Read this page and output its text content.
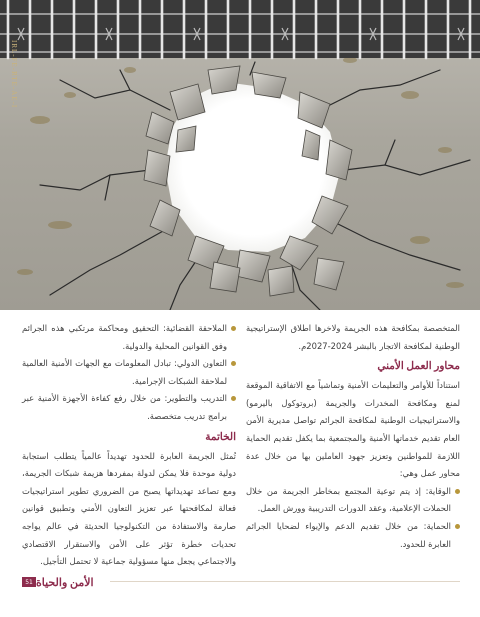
IRL-FE-RTE-AE-I

المتخصصة بمكافحة هذه الجريمة ولاخرها اطلاق الإستراتيجية الوطنية لمكافحة الاتجار بالبشر 2024-2027م.

محاور العمل الأمني

استناداً للأوامر والتعليمات الأمنية وتماشياً مع الاتفاقية الموقعة لمنع ومكافحة المخدرات والجريمة (بروتوكول باليرمو) والاستراتيجيات الوطنية لمكافحة الجرائم تواصل مديرية الأمن العام تقديم خدماتها الأمنية والمجتمعية بما يكفل تقديم الحماية اللازمة للمواطنين وتعزيز جهود العاملين بها من خلال عدة محاور عمل وهي:

الوقاية: إذ يتم توعية المجتمع بمخاطر الجريمة من خلال الحملات الإعلامية، وعقد الدورات التدريبية وورش العمل.
الحماية: من خلال تقديم الدعم والإيواء لضحايا الجرائم العابرة للحدود.
الملاحقة القضائية: التحقيق ومحاكمة مرتكبي هذه الجرائم وفق القوانين المحلية والدولية.
التعاون الدولي: تبادل المعلومات مع الجهات الأمنية العالمية لملاحقة الشبكات الإجرامية.
التدريب والتطوير: من خلال رفع كفاءة الأجهزة الأمنية عبر برامج تدريب متخصصة.
الخاتمة

تُمثل الجريمة العابرة للحدود تهديداً عالمياً يتطلب استجابة دولية موحدة فلا يمكن لدولة بمفردها هزيمة شبكات الجريمة، ومع تصاعد تهديداتها يصبح من الضروري تطوير استراتيجيات فعالة لمكافحتها عبر تعزيز التعاون الأمني وتطبيق قوانين صارمة والاستفادة من التكنولوجيا الحديثة في عالم يواجه تحديات خطرة تؤثر على الأمن والاستقرار الاقتصادي والاجتماعي يجعل منها مسؤولية جماعية لا تحتمل التأجيل.

الأمن والحياة
51
